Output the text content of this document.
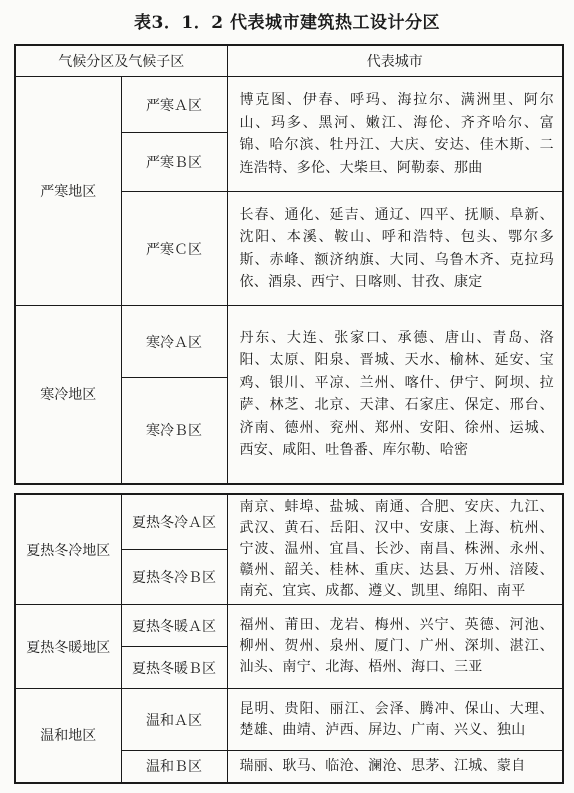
表3．1．2 代表城市建筑热工设计分区
气候分区及气候子区		代表城市
严寒地区	严寒Ａ区	博克图、伊春、呼玛、海拉尔、满洲里、阿尔山、玛多、黑河、嫩江、海伦、齐齐哈尔、富锦、哈尔滨、牡丹江、大庆、安达、佳木斯、二连浩特、多伦、大柴旦、阿勒泰、那曲
	严寒Ｂ区	
	严寒Ｃ区	长春、通化、延吉、通辽、四平、抚顺、阜新、沈阳、本溪、鞍山、呼和浩特、包头、鄂尔多斯、赤峰、额济纳旗、大同、乌鲁木齐、克拉玛依、酒泉、西宁、日喀则、甘孜、康定
寒冷地区	寒冷Ａ区	丹东、大连、张家口、承德、唐山、青岛、洛阳、太原、阳泉、晋城、天水、榆林、延安、宝鸡、银川、平凉、兰州、喀什、伊宁、阿坝、拉萨、林芝、北京、天津、石家庄、保定、邢台、济南、德州、兖州、郑州、安阳、徐州、运城、西安、咸阳、吐鲁番、库尔勒、哈密
	寒冷Ｂ区	
夏热冬冷地区	夏热冬冷Ａ区	南京、蚌埠、盐城、南通、合肥、安庆、九江、武汉、黄石、岳阳、汉中、安康、上海、杭州、宁波、温州、宜昌、长沙、南昌、株洲、永州、赣州、韶关、桂林、重庆、达县、万州、涪陵、南充、宜宾、成都、遵义、凯里、绵阳、南平
	夏热冬冷Ｂ区	
夏热冬暖地区	夏热冬暖Ａ区	福州、莆田、龙岩、梅州、兴宁、英德、河池、柳州、贺州、泉州、厦门、广州、深圳、湛江、汕头、南宁、北海、梧州、海口、三亚
	夏热冬暖Ｂ区	
温和地区	温和Ａ区	昆明、贵阳、丽江、会泽、腾冲、保山、大理、楚雄、曲靖、泸西、屏边、广南、兴义、独山
	温和Ｂ区	瑞丽、耿马、临沧、澜沧、思茅、江城、蒙自
